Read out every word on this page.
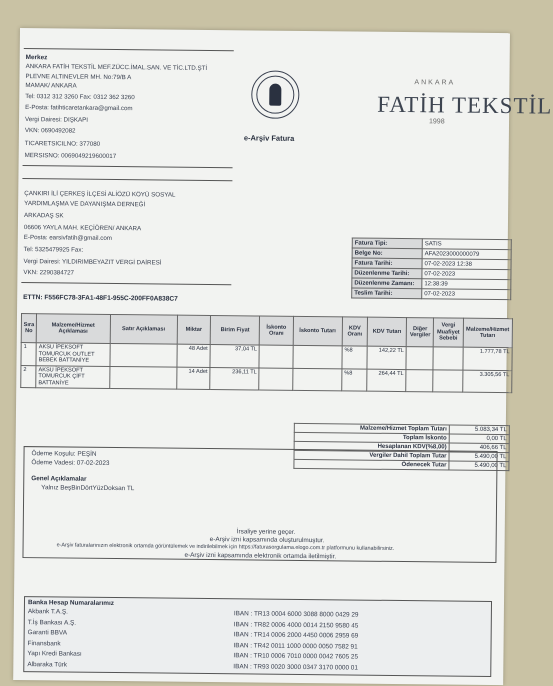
Merkez
ANKARA FATİH TEKSTİL MEF.ZÜCC.İMAL.SAN. VE TİC.LTD.ŞTİ
PLEVNE ALTINEVLER MH. No:79/B A
MAMAK/ ANKARA
Tel: 0312 312 3260 Fax: 0312 362 3260
E-Posta: fatihticaretankara@gmail.com
Vergi Dairesi: DIŞKAPI
VKN: 0690492082
TICARETSICILNO: 377080
MERSISNO: 0069049219600017
e-Arşiv Fatura
ANKARA
FATİH TEKSTİL
1998
ÇANKIRI İLİ ÇERKEŞ İLÇESİ ALİÖZÜ KÖYÜ SOSYAL
YARDIMLAŞMA VE DAYANIŞMA DERNEĞİ
ARKADAŞ SK
06606 YAYLA MAH. KEÇİÖREN/ ANKARA
E-Posta: earsivfatih@gmail.com
Tel: 5325479925 Fax:
Vergi Dairesi: YILDIRIMBEYAZIT VERGİ DAİRESİ
VKN: 2290384727
Fatura Tipi:	SATIS
Belge No:	AFA2023000000079
Fatura Tarihi:	07-02-2023 12:38
Düzenlenme Tarihi:	07-02-2023
Düzenlenme Zamanı:	12:38:39
Teslim Tarihi:	07-02-2023
ETTN: F556FC78-3FA1-48F1-955C-200FF0A838C7
Sıra No	Malzeme/Hizmet Açıklaması	Satır Açıklaması	Miktar	Birim Fiyat	İskonto Oranı	İskonto Tutarı	KDV Oranı	KDV Tutarı	Diğer Vergiler	Vergi Muafiyet Sebebi	Malzeme/Hizmet Tutarı
1	AKSU İPEKSOFT TOMURCUK OUTLET BEBEK BATTANİYE		48 Adet	37,04 TL			%8	142,22 TL			1.777,78 TL
2	AKSU İPEKSOFT TOMURCUK ÇİFT BATTANİYE		14 Adet	236,11 TL			%8	264,44 TL			3.305,56 TL
Malzeme/Hizmet Toplam Tutarı	5.083,34 TL
Toplam İskonto	0,00 TL
Hesaplanan KDV(%8,00)	406,66 TL
Vergiler Dahil Toplam Tutar	5.490,00 TL
Ödenecek Tutar	5.490,00 TL
Ödeme Koşulu: PEŞİN
Ödeme Vadesi: 07-02-2023
Genel Açıklamalar
Yalnız BeşBinDörtYüzDoksan TL
İrsaliye yerine geçer.
e-Arşiv izni kapsamında oluşturulmuştur.
e-Arşiv faturalarınızın elektronik ortamda görüntülemek ve indirilebilmek için https://faturasorgulama.elogo.com.tr platformunu kullanabilirsiniz.
e-Arşiv izni kapsamında elektronik ortamda iletilmiştir.
Banka Hesap Numaralarımız
Akbank T.A.Ş.	IBAN : TR13 0004 6000 3088 8000 0429 29
T.İş Bankası A.Ş.	IBAN : TR82 0006 4000 0014 2150 9580 45
Garanti BBVA	IBAN : TR14 0006 2000 4450 0006 2959 69
Finansbank	IBAN : TR42 0011 1000 0000 0050 7582 91
Yapı Kredi Bankası	IBAN : TR10 0006 7010 0000 0042 7605 25
Albaraka Türk	IBAN : TR93 0020 3000 0347 3170 0000 01
